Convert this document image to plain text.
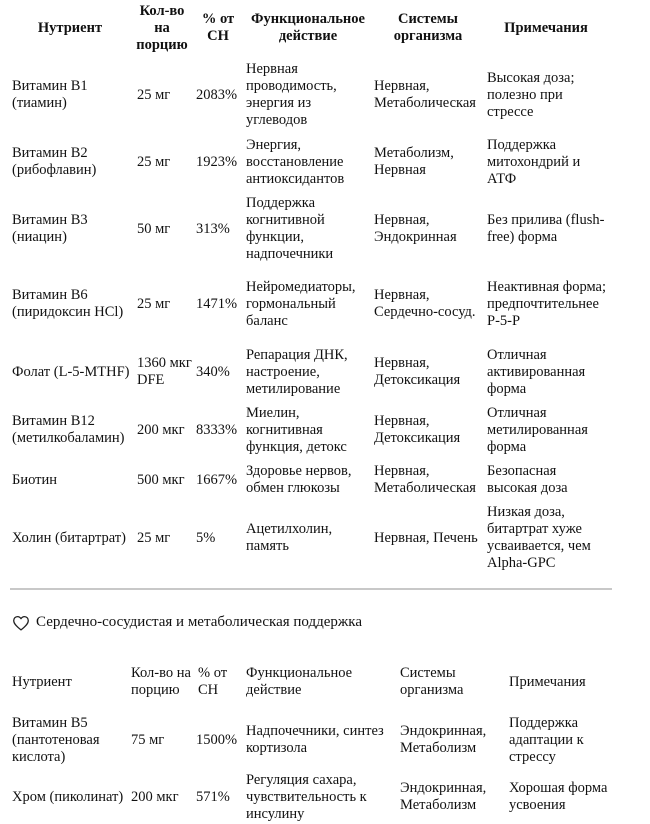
Нутриент
Кол-во на порцию
% от СН
Функциональное действие
Системы организма
Примечания
Витамин B1 (тиамин)
25 мг 2083%
Нервная проводимость, энергия из углеводов
Нервная, Метаболическая
Высокая доза; полезно при стрессе
Витамин B2 (рибофлавин)
25 мг 1923%
Энергия, восстановление антиоксидантов
Метаболизм, Нервная
Поддержка митохондрий и АТФ
Витамин B3 (ниацин)
50 мг 313%
Поддержка когнитивной функции, надпочечники
Нервная, Эндокринная
Без прилива (flush-free) форма
Витамин B6 (пиридоксин HCl)
25 мг 1471%
Нейромедиаторы, гормональный баланс
Нервная, Сердечно-сосуд.
Неактивная форма; предпочтительнее P-5-P
Фолат (L-5-MTHF)
1360 мкг DFE
340%
Репарация ДНК, настроение, метилирование
Нервная, Детоксикация
Отличная активированная форма
Витамин B12 (метилкобаламин)
200 мкг 8333%
Миелин, когнитивная функция, детокс
Нервная, Детоксикация
Отличная метилированная форма
Биотин	500 мкг 1667%
Здоровье нервов, обмен глюкозы
Нервная, Метаболическая
Безопасная высокая доза
Холин (битартрат) 25 мг 5%
Ацетилхолин, память
Нервная, Печень
Низкая доза, битартрат хуже усваивается, чем Alpha-GPC
Сердечно-сосудистая и метаболическая поддержка
Нутриент
Кол-во на порцию
% от СН
Функциональное действие
Системы организма
Примечания
Витамин B5 (пантотеновая кислота)
75 мг 1500%
Надпочечники, синтез кортизола
Эндокринная, Метаболизм
Поддержка адаптации к стрессу
Хром (пиколинат) 200 мкг 571%
Регуляция сахара, чувствительность к инсулину
Эндокринная, Метаболизм
Хорошая форма усвоения
